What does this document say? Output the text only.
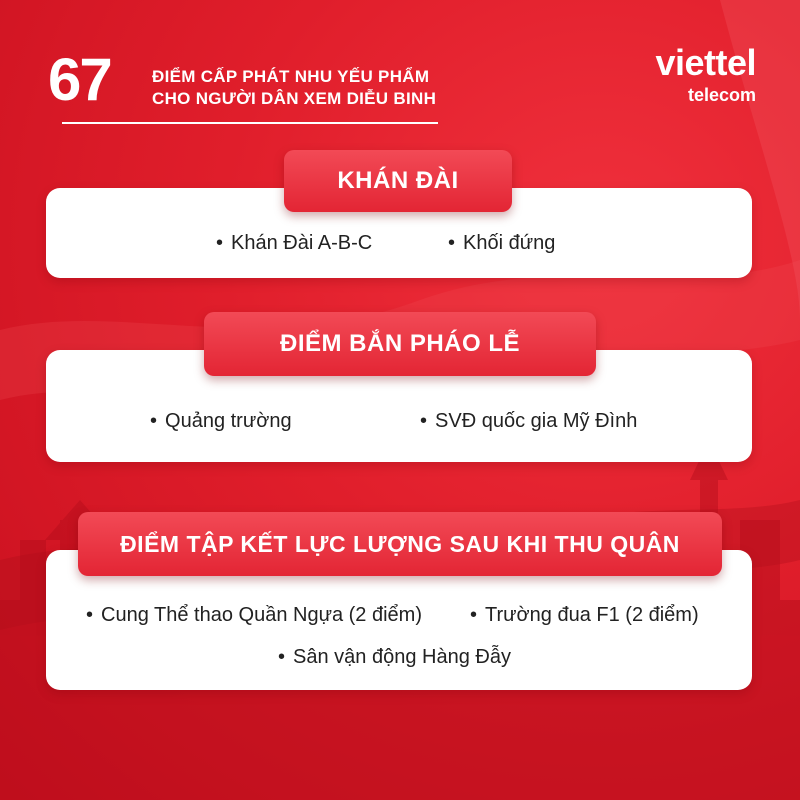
67 ĐIỂM CẤP PHÁT NHU YẾU PHẨM
CHO NGƯỜI DÂN XEM DIỄU BINH
viettel
telecom
KHÁN ĐÀI
• Khán Đài A-B-C	• Khối đứng
ĐIỂM BẮN PHÁO LỄ
• Quảng trường	• SVĐ quốc gia Mỹ Đình
ĐIỂM TẬP KẾT LỰC LƯỢNG SAU KHI THU QUÂN
• Cung Thể thao Quần Ngựa (2 điểm) • Trường đua F1 (2 điểm)
• Sân vận động Hàng Đẫy
